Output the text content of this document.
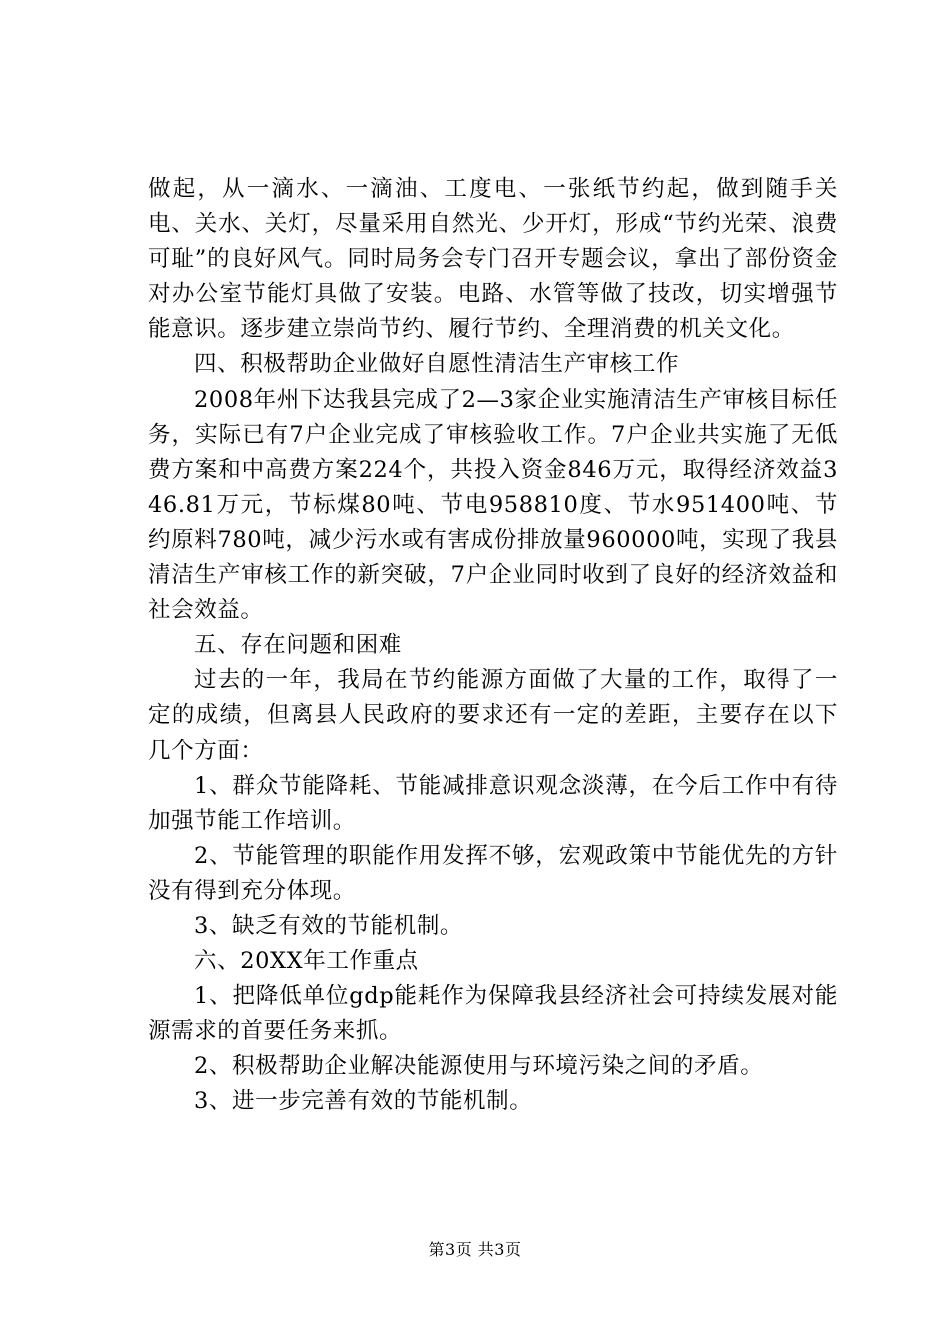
做起，从一滴水、一滴油、工度电、一张纸节约起，做到随手关电、关水、关灯，尽量采用自然光、少开灯，形成“节约光荣、浪费可耻”的良好风气。同时局务会专门召开专题会议，拿出了部份资金对办公室节能灯具做了安装。电路、水管等做了技改，切实增强节能意识。逐步建立崇尚节约、履行节约、全理消费的机关文化。

四、积极帮助企业做好自愿性清洁生产审核工作

2008年州下达我县完成了2—3家企业实施清洁生产审核目标任务，实际已有7户企业完成了审核验收工作。7户企业共实施了无低费方案和中高费方案224个，共投入资金846万元，取得经济效益346.81万元，节标煤80吨、节电958810度、节水951400吨、节约原料780吨，减少污水或有害成份排放量960000吨，实现了我县清洁生产审核工作的新突破，7户企业同时收到了良好的经济效益和社会效益。

五、存在问题和困难

过去的一年，我局在节约能源方面做了大量的工作，取得了一定的成绩，但离县人民政府的要求还有一定的差距，主要存在以下几个方面：

1、群众节能降耗、节能减排意识观念淡薄，在今后工作中有待加强节能工作培训。

2、节能管理的职能作用发挥不够，宏观政策中节能优先的方针没有得到充分体现。

3、缺乏有效的节能机制。

六、20XX年工作重点

1、把降低单位gdp能耗作为保障我县经济社会可持续发展对能源需求的首要任务来抓。

2、积极帮助企业解决能源使用与环境污染之间的矛盾。

3、进一步完善有效的节能机制。

第3页 共3页
